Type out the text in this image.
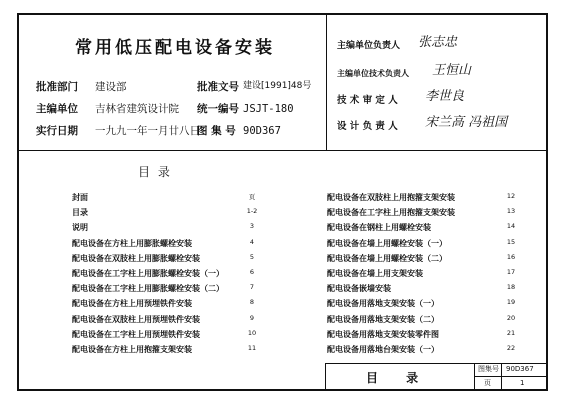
常用低压配电设备安装
批准部门 建设部
主编单位 吉林省建筑设计院
实行日期 一九九一年一月廿八日
批准文号 建设[1991]48号
统一编号 JSJT-180
图 集 号 90D367
主编单位负责人 张志忠
主编单位技术负责人 王恒山
技 术 审 定 人 李世良
设 计 负 责 人 宋兰高 冯祖国
目 录
封面	页
目录	1-2
说明	3
配电设备在方柱上用膨胀螺栓安装	4
配电设备在双肢柱上用膨胀螺栓安装	5
配电设备在工字柱上用膨胀螺栓安装（一）	6
配电设备在工字柱上用膨胀螺栓安装（二）	7
配电设备在方柱上用预埋铁件安装	8
配电设备在双肢柱上用预埋铁件安装	9
配电设备在工字柱上用预埋铁件安装	10
配电设备在方柱上用抱箍支架安装	11
配电设备在双肢柱上用抱箍支架安装	12
配电设备在工字柱上用抱箍支架安装	13
配电设备在钢柱上用螺栓安装	14
配电设备在墙上用螺栓安装（一）	15
配电设备在墙上用螺栓安装（二）	16
配电设备在墙上用支架安装	17
配电设备嵌墙安装	18
配电设备用落地支架安装（一）	19
配电设备用落地支架安装（二）	20
配电设备用落地支架安装零件图	21
配电设备用落地台架安装（一）	22
目 录
图集号 90D367
页	1
